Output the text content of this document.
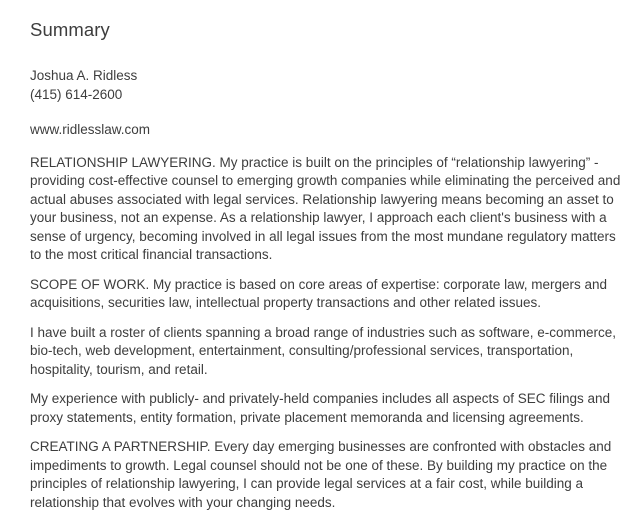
Summary
Joshua A. Ridless
(415) 614-2600
www.ridlesslaw.com

RELATIONSHIP LAWYERING. My practice is built on the principles of “relationship lawyering” - providing cost-effective counsel to emerging growth companies while eliminating the perceived and actual abuses associated with legal services. Relationship lawyering means becoming an asset to your business, not an expense. As a relationship lawyer, I approach each client's business with a sense of urgency, becoming involved in all legal issues from the most mundane regulatory matters to the most critical financial transactions.

SCOPE OF WORK. My practice is based on core areas of expertise: corporate law, mergers and acquisitions, securities law, intellectual property transactions and other related issues.

I have built a roster of clients spanning a broad range of industries such as software, e-commerce, bio-tech, web development, entertainment, consulting/professional services, transportation, hospitality, tourism, and retail.

My experience with publicly- and privately-held companies includes all aspects of SEC filings and proxy statements, entity formation, private placement memoranda and licensing agreements.

CREATING A PARTNERSHIP. Every day emerging businesses are confronted with obstacles and impediments to growth. Legal counsel should not be one of these. By building my practice on the principles of relationship lawyering, I can provide legal services at a fair cost, while building a relationship that evolves with your changing needs.
